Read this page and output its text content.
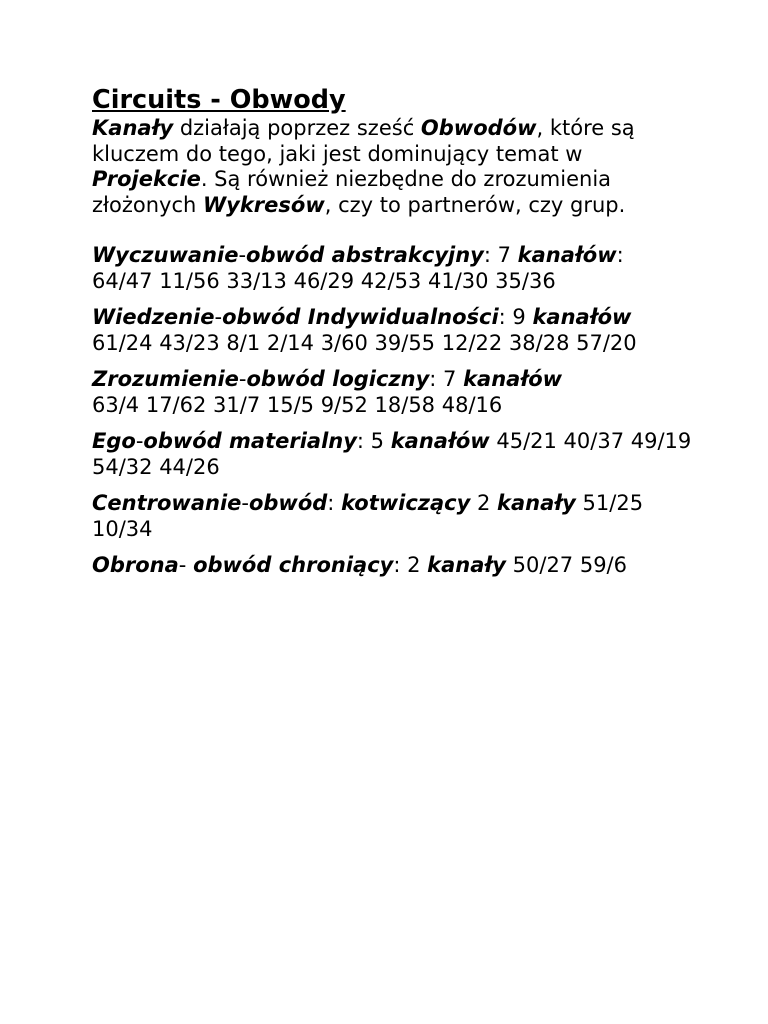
Circuits - Obwody

Kanały działają poprzez sześć Obwodów, które są kluczem do tego, jaki jest dominujący temat w Projekcie. Są również niezbędne do zrozumienia złożonych Wykresów, czy to partnerów, czy grup.

Wyczuwanie-obwód abstrakcyjny: 7 kanałów:
64/47 11/56 33/13 46/29 42/53 41/30 35/36

Wiedzenie-obwód Indywidualności: 9 kanałów
61/24 43/23 8/1 2/14 3/60 39/55 12/22 38/28 57/20

Zrozumienie-obwód logiczny: 7 kanałów
63/4 17/62 31/7 15/5 9/52 18/58 48/16

Ego-obwód materialny: 5 kanałów 45/21 40/37 49/19 54/32 44/26

Centrowanie-obwód: kotwiczący 2 kanały 51/25 10/34

Obrona- obwód chroniący: 2 kanały 50/27 59/6
